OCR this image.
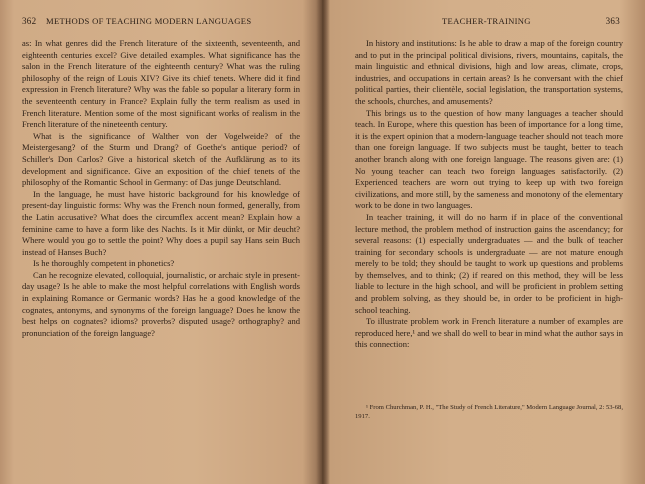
362 METHODS OF TEACHING MODERN LANGUAGES

as: In what genres did the French literature of the sixteenth, seventeenth, and eighteenth centuries excel? Give detailed examples. What significance has the salon in the French literature of the eighteenth century? What was the ruling philosophy of the reign of Louis XIV? Give its chief tenets. Where did it find expression in French literature? Why was the fable so popular a literary form in the seventeenth century in France? Explain fully the term realism as used in French literature. Mention some of the most significant works of realism in the French literature of the nineteenth century.

What is the significance of Walther von der Vogelweide? of the Meistergesang? of the Sturm und Drang? of Goethe's antique period? of Schiller's Don Carlos? Give a historical sketch of the Aufklärung as to its development and significance. Give an exposition of the chief tenets of the philosophy of the Romantic School in Germany: of Das junge Deutschland.

In the language, he must have historic background for his knowledge of present-day linguistic forms: Why was the French noun formed, generally, from the Latin accusative? What does the circumflex accent mean? Explain how a feminine came to have a form like des Nachts. Is it Mir dünkt, or Mir deucht? Where would you go to settle the point? Why does a pupil say Hans sein Buch instead of Hanses Buch?

Is he thoroughly competent in phonetics?

Can he recognize elevated, colloquial, journalistic, or archaic style in present-day usage? Is he able to make the most helpful correlations with English words in explaining Romance or Germanic words? Has he a good knowledge of the cognates, antonyms, and synonyms of the foreign language? Does he know the best helps on cognates? idioms? proverbs? disputed usage? orthography? and pronunciation of the foreign language?

TEACHER-TRAINING	363

In history and institutions: Is he able to draw a map of the foreign country and to put in the principal political divisions, rivers, mountains, capitals, the main linguistic and ethnical divisions, high and low areas, climate, crops, industries, and occupations in certain areas? Is he conversant with the chief political parties, their clientèle, social legislation, the transportation systems, the schools, churches, and amusements?

This brings us to the question of how many languages a teacher should teach. In Europe, where this question has been of importance for a long time, it is the expert opinion that a modern-language teacher should not teach more than one foreign language. If two subjects must be taught, better to teach another branch along with one foreign language. The reasons given are: (1) No young teacher can teach two foreign languages satisfactorily. (2) Experienced teachers are worn out trying to keep up with two foreign civilizations, and more still, by the sameness and monotony of the elementary work to be done in two languages.

In teacher training, it will do no harm if in place of the conventional lecture method, the problem method of instruction gains the ascendancy; for several reasons: (1) especially undergraduates — and the bulk of teacher training for secondary schools is undergraduate — are not mature enough merely to be told; they should be taught to work up questions and problems by themselves, and to think; (2) if reared on this method, they will be less liable to lecture in the high school, and will be proficient in problem setting and problem solving, as they should be, in order to be proficient in high-school teaching.

To illustrate problem work in French literature a number of examples are reproduced here,¹ and we shall do well to bear in mind what the author says in this connection:

¹ From Churchman, P. H., "The Study of French Literature," Modern Language Journal, 2: 53-68, 1917.
